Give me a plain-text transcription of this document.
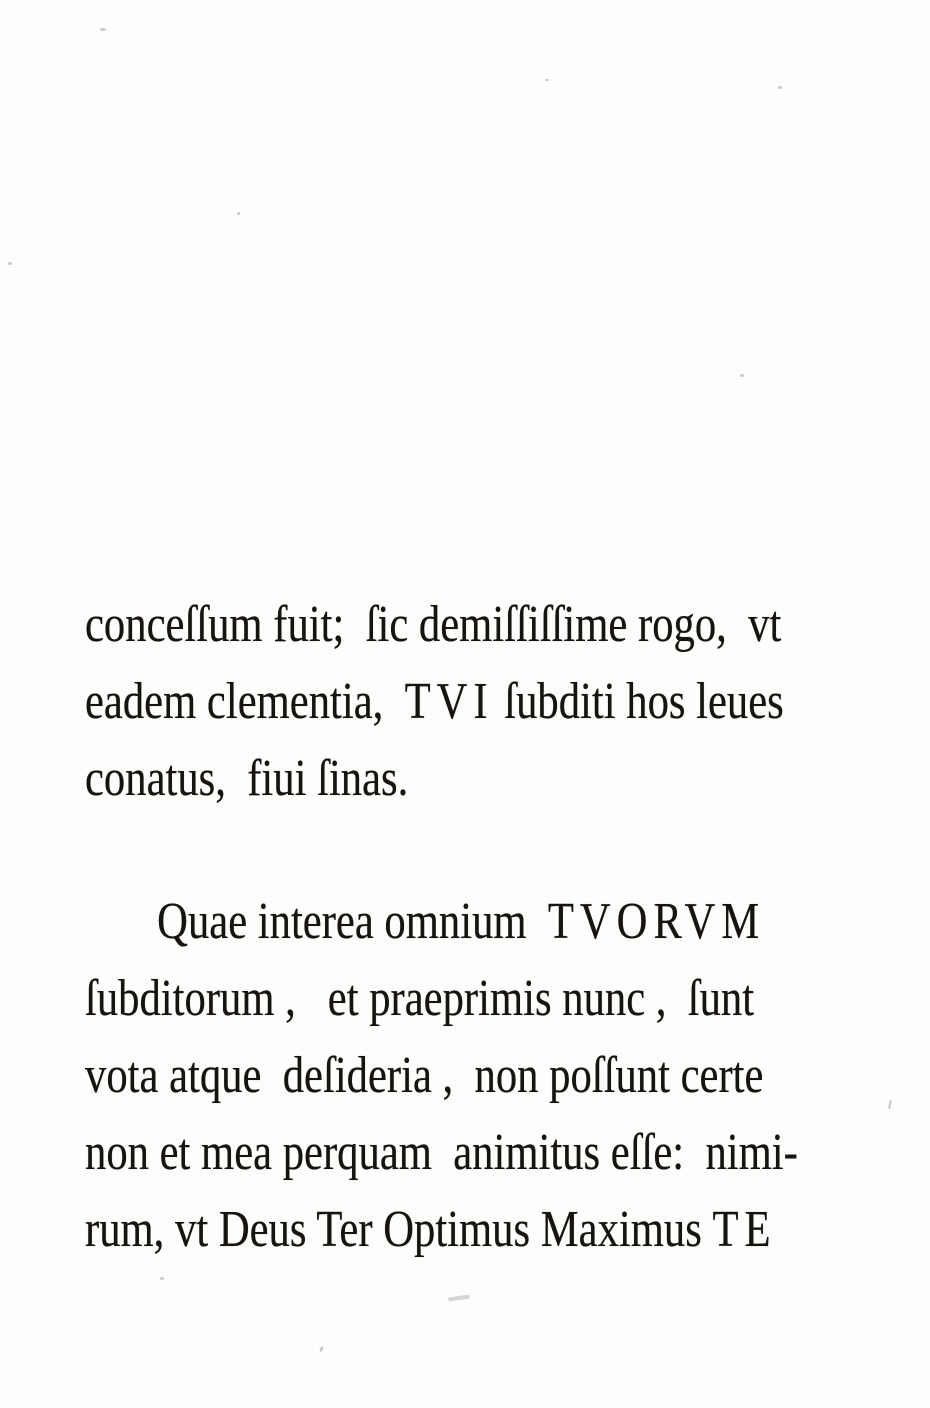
conceſſum fuit;  ſic demiſſiſſime rogo,  vt
eadem clementia,  TVI ſubditi hos leues
conatus,  fiui ſinas.
Quae interea omnium  TVORVM
ſubditorum ,   et praeprimis nunc ,  ſunt
vota atque  deſideria ,  non poſſunt certe
non et mea perquam  animitus eſſe:  nimi-
rum, vt Deus Ter Optimus Maximus TE
